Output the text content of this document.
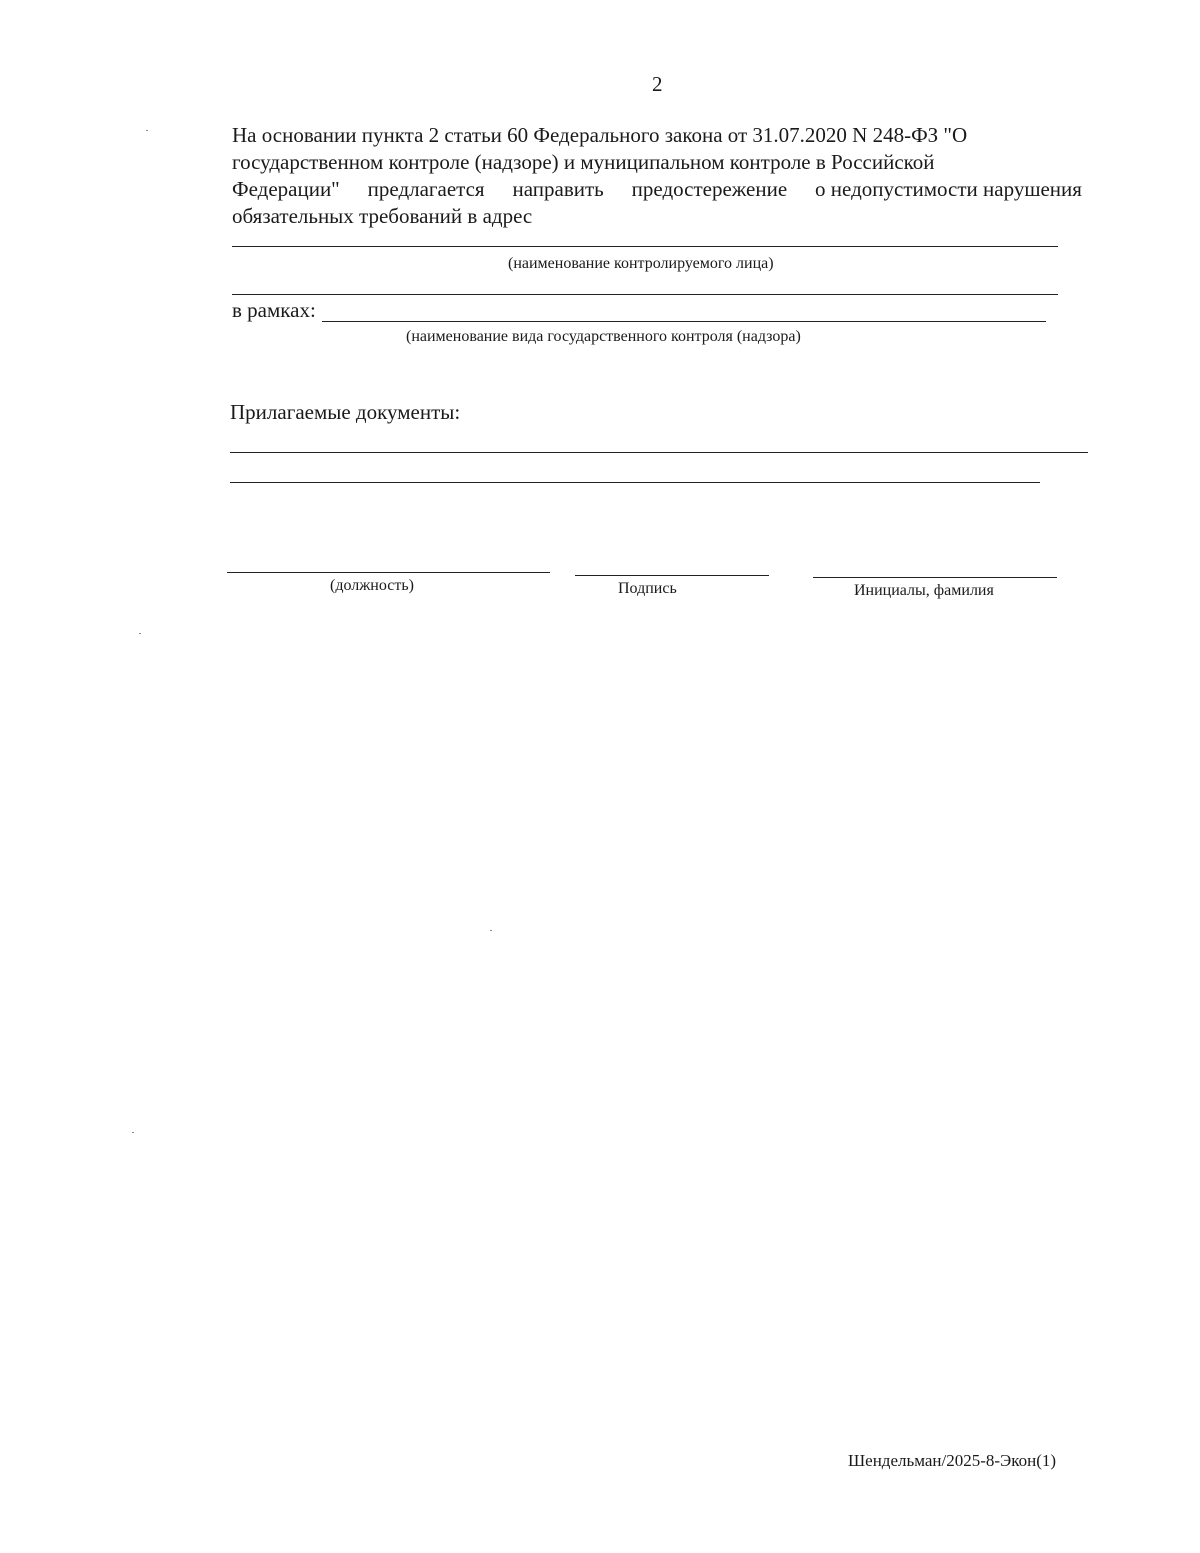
2
На основании пункта 2 статьи 60 Федерального закона от 31.07.2020 N 248-ФЗ "О
государственном контроле (надзоре) и муниципальном контроле в Российской
Федерации" предлагается направить предостережение о недопустимости нарушения
обязательных требований в адрес
(наименование контролируемого лица)
в рамках:
(наименование вида государственного контроля (надзора)
Прилагаемые документы:
(должность)	Подпись	Инициалы, фамилия
Шендельман/2025-8-Экон(1)
